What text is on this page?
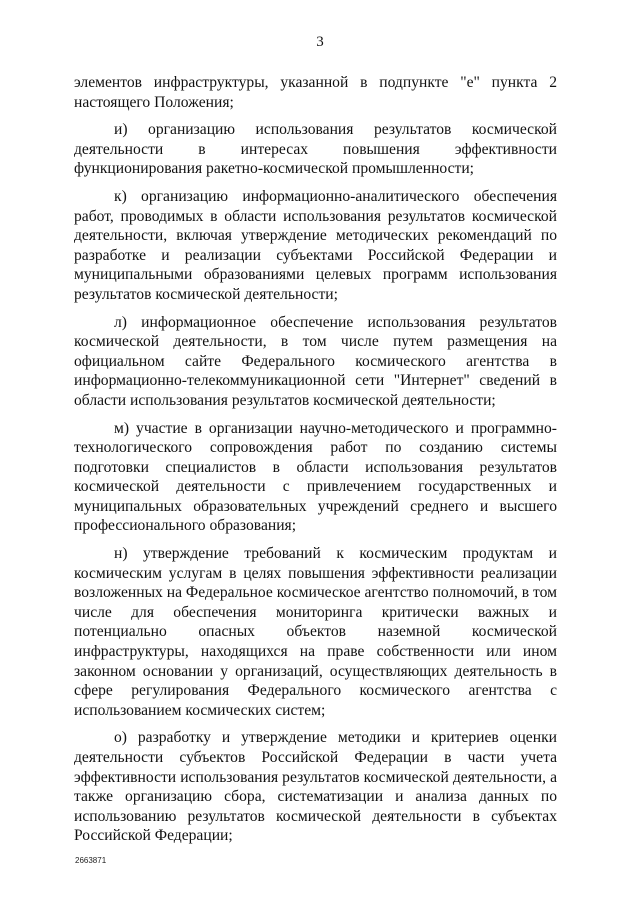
3

элементов инфраструктуры, указанной в подпункте "е" пункта 2 настоящего Положения;

и) организацию использования результатов космической деятельности в интересах повышения эффективности функционирования ракетно-космической промышленности;

к) организацию информационно-аналитического обеспечения работ, проводимых в области использования результатов космической деятельности, включая утверждение методических рекомендаций по разработке и реализации субъектами Российской Федерации и муниципальными образованиями целевых программ использования результатов космической деятельности;

л) информационное обеспечение использования результатов космической деятельности, в том числе путем размещения на официальном сайте Федерального космического агентства в информационно-телекоммуникационной сети "Интернет" сведений в области использования результатов космической деятельности;

м) участие в организации научно-методического и программно-технологического сопровождения работ по созданию системы подготовки специалистов в области использования результатов космической деятельности с привлечением государственных и муниципальных образовательных учреждений среднего и высшего профессионального образования;

н) утверждение требований к космическим продуктам и космическим услугам в целях повышения эффективности реализации возложенных на Федеральное космическое агентство полномочий, в том числе для обеспечения мониторинга критически важных и потенциально опасных объектов наземной космической инфраструктуры, находящихся на праве собственности или ином законном основании у организаций, осуществляющих деятельность в сфере регулирования Федерального космического агентства с использованием космических систем;

о) разработку и утверждение методики и критериев оценки деятельности субъектов Российской Федерации в части учета эффективности использования результатов космической деятельности, а также организацию сбора, систематизации и анализа данных по использованию результатов космической деятельности в субъектах Российской Федерации;

2663871
